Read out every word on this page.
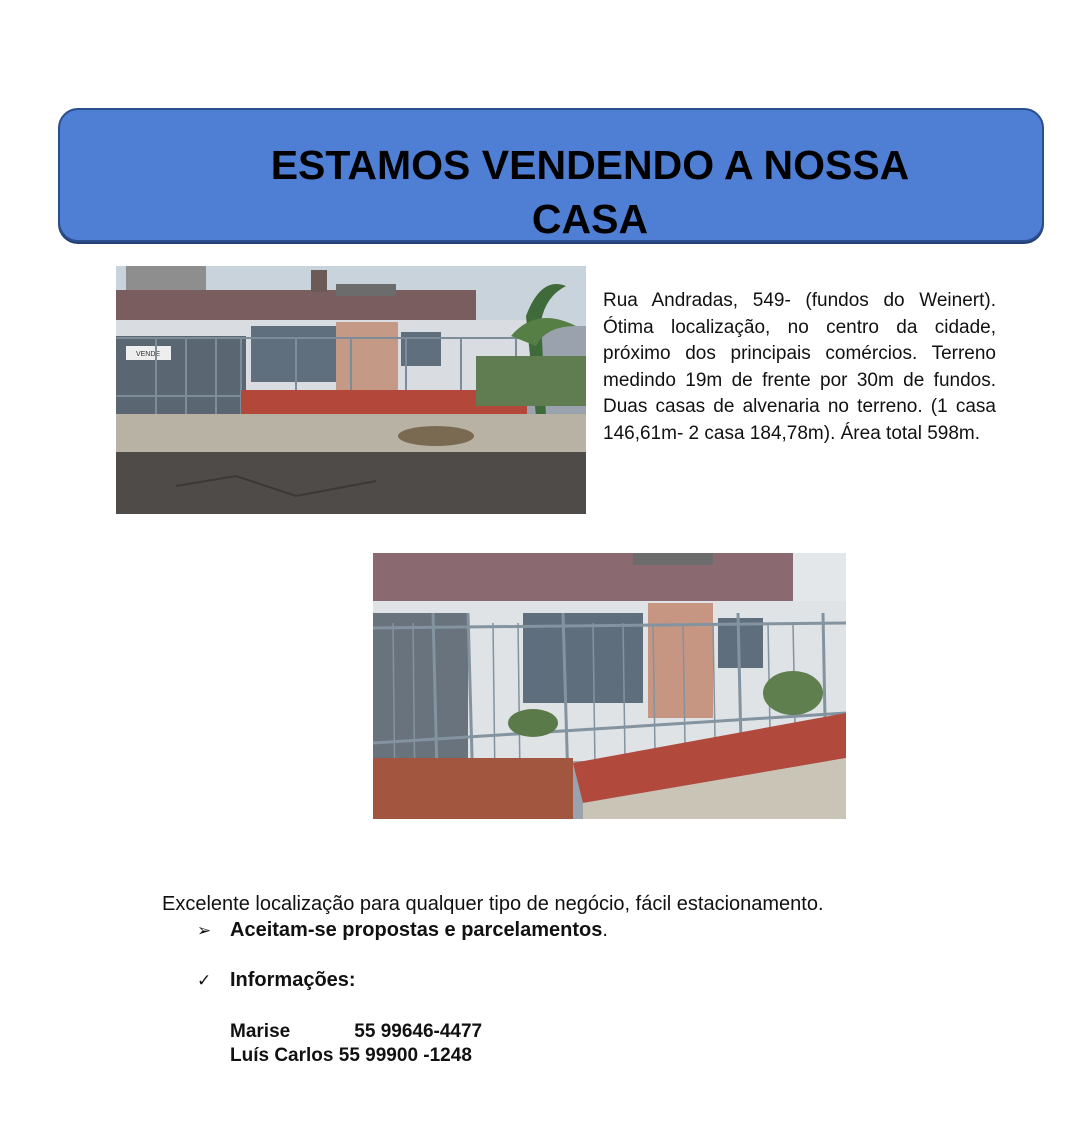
ESTAMOS VENDENDO A NOSSA
CASA
VENDE

Rua Andradas, 549- (fundos do Weinert). Ótima localização, no centro da cidade, próximo dos principais comércios. Terreno medindo 19m de frente por 30m de fundos. Duas casas de alvenaria no terreno. (1 casa 146,61m- 2 casa 184,78m). Área total 598m.

Excelente localização para qualquer tipo de negócio, fácil estacionamento.

➢ Aceitam-se propostas e parcelamentos.
✓ Informações:
Marise	55 99646-4477
Luís Carlos 55 99900 -1248
